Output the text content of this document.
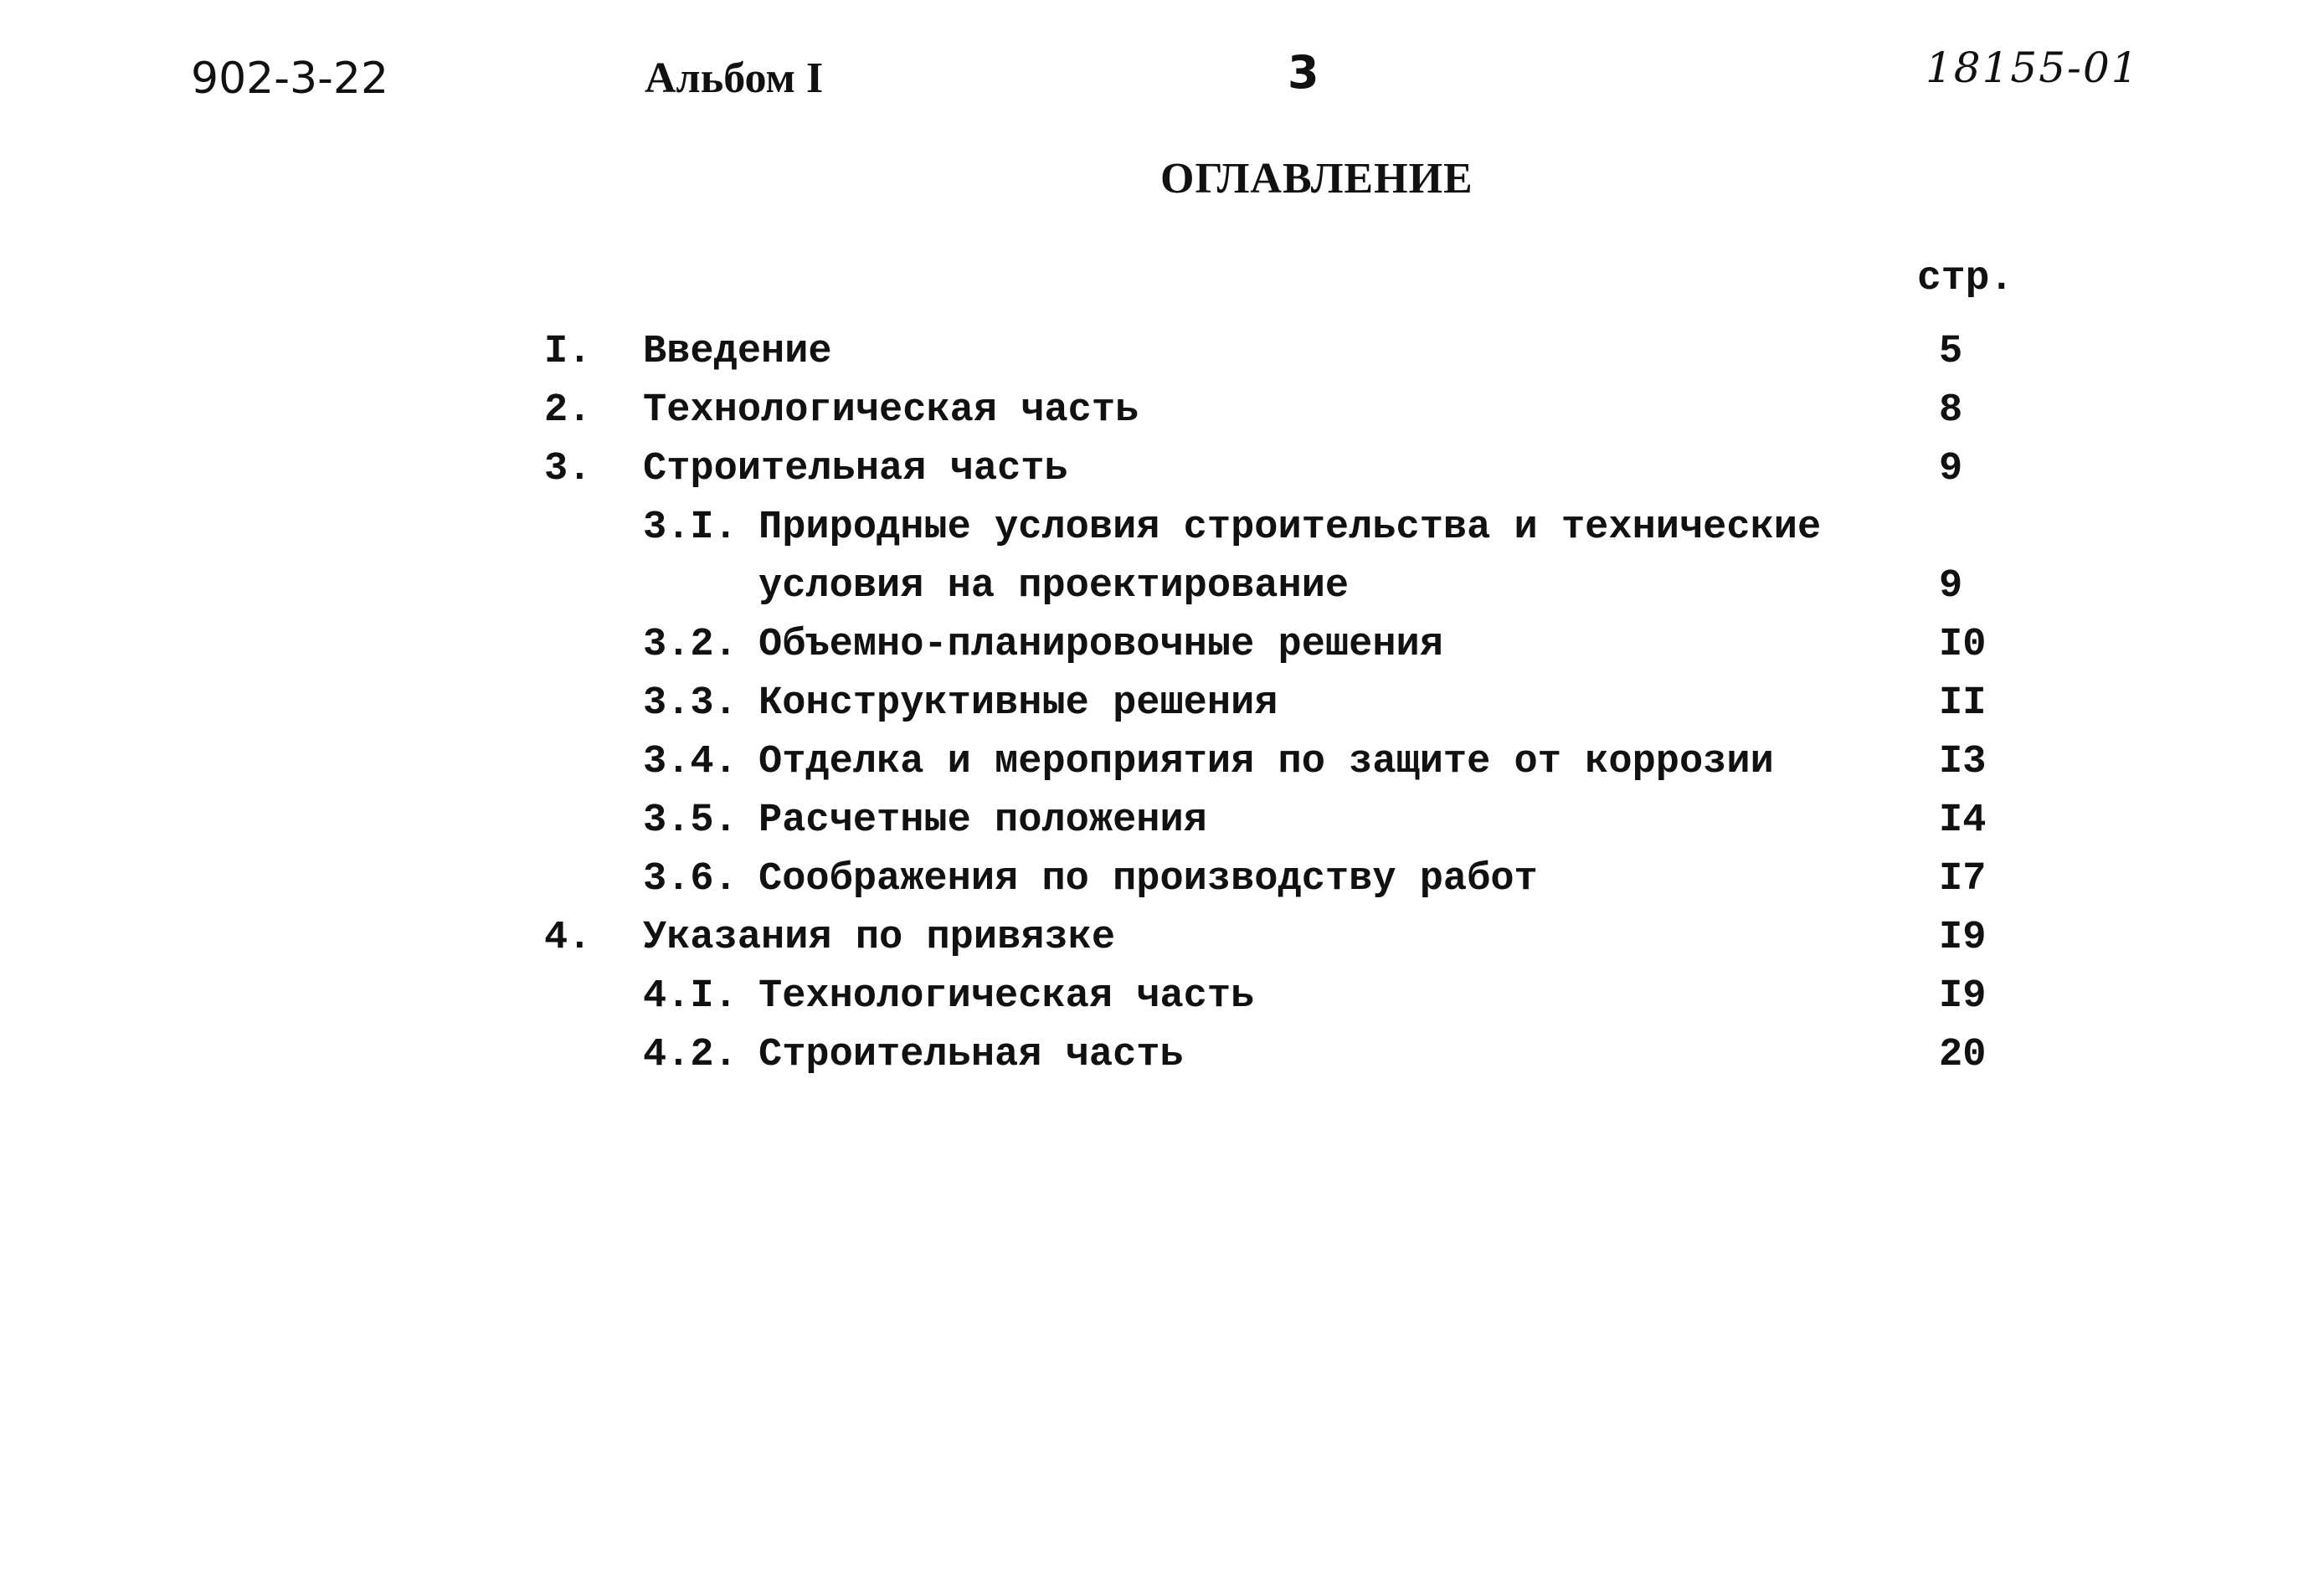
902-3-22	Альбом I	3	18155-01
ОГЛАВЛЕНИЕ
стр.
I. Введение	5
2. Технологическая часть	8
3. Строительная часть	9
3.I. Природные условия строительства и технические
условия на проектирование	9
3.2. Объемно-планировочные решения	I0
3.3. Конструктивные решения	II
3.4. Отделка и мероприятия по защите от коррозии	I3
3.5. Расчетные положения	I4
3.6. Соображения по производству работ	I7
4. Указания по привязке	I9
4.I. Технологическая часть	I9
4.2. Строительная часть	20
